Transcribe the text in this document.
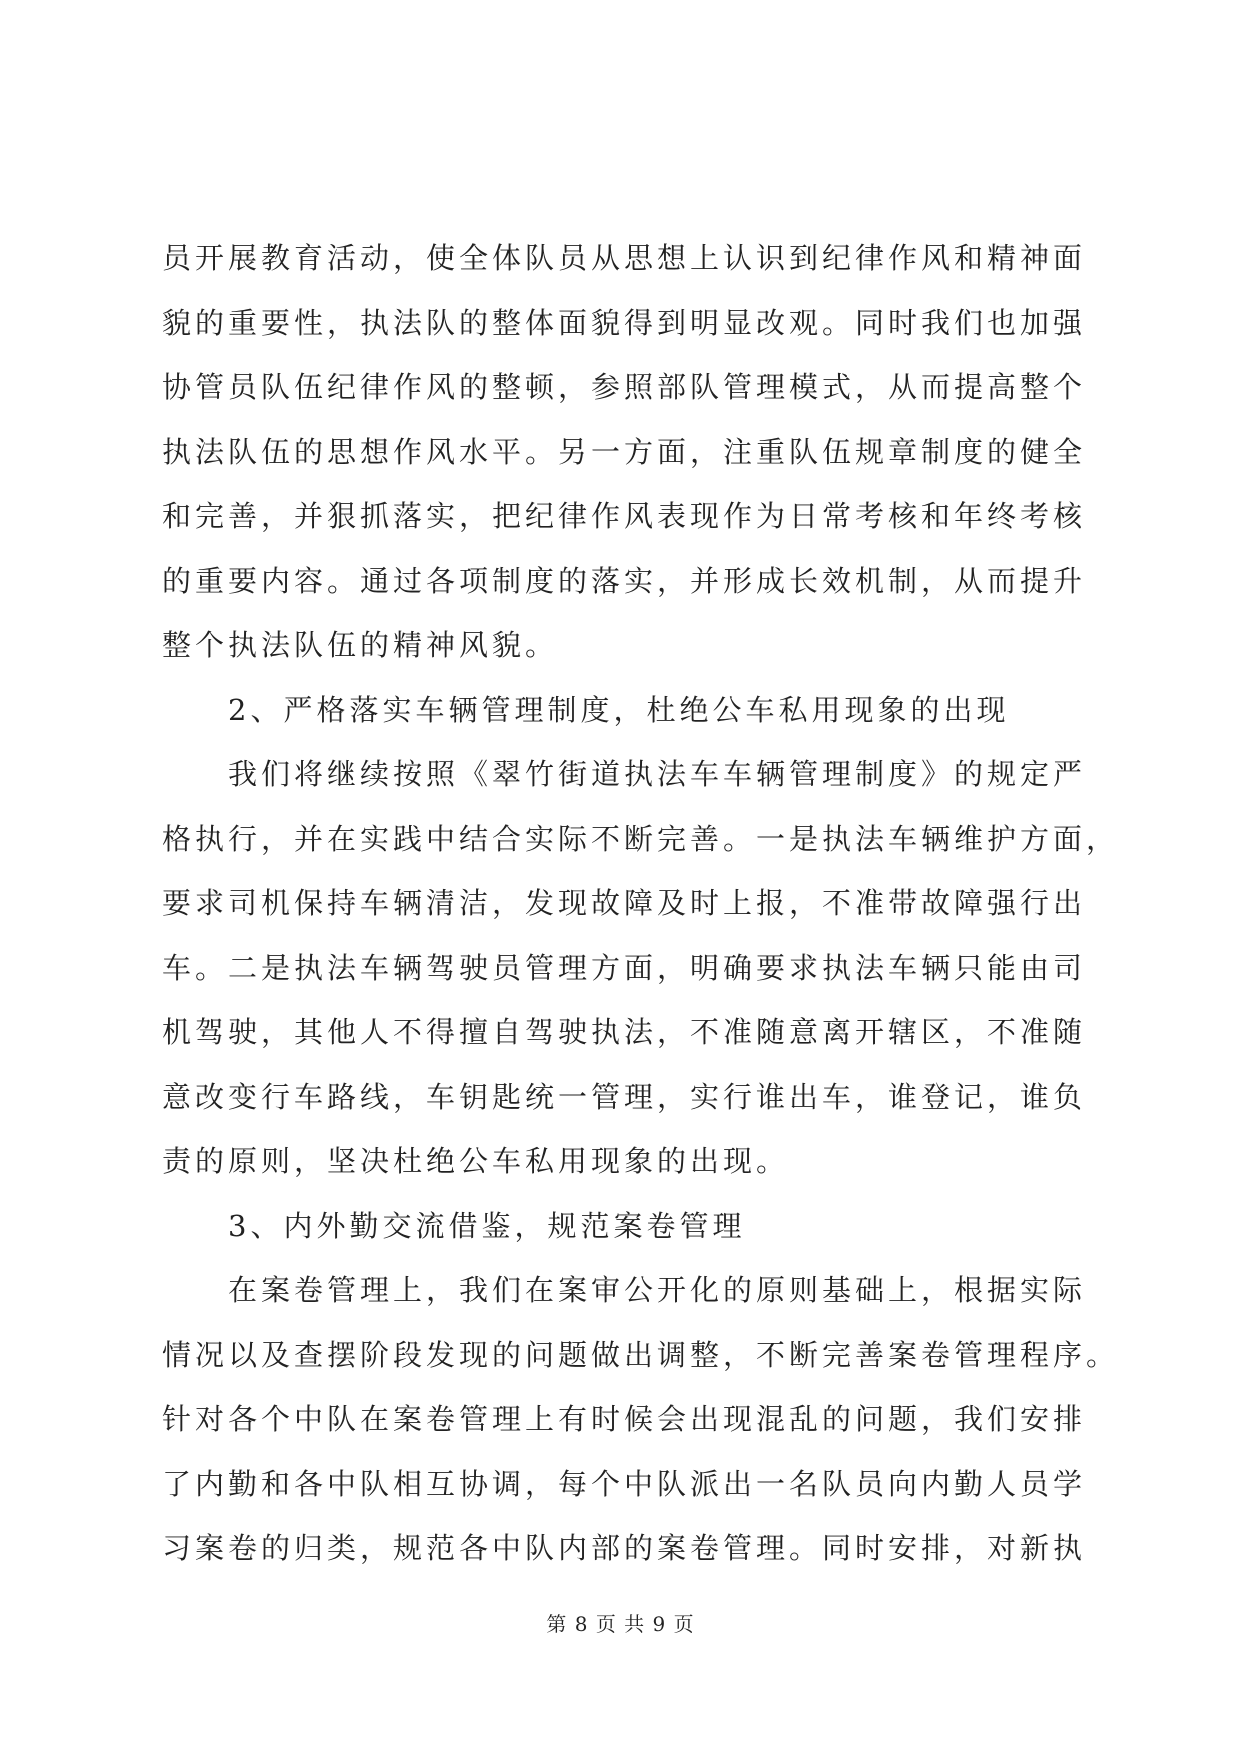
员开展教育活动，使全体队员从思想上认识到纪律作风和精神面
貌的重要性，执法队的整体面貌得到明显改观。同时我们也加强
协管员队伍纪律作风的整顿，参照部队管理模式，从而提高整个
执法队伍的思想作风水平。另一方面，注重队伍规章制度的健全
和完善，并狠抓落实，把纪律作风表现作为日常考核和年终考核
的重要内容。通过各项制度的落实，并形成长效机制，从而提升
整个执法队伍的精神风貌。
2、严格落实车辆管理制度，杜绝公车私用现象的出现
我们将继续按照《翠竹街道执法车车辆管理制度》的规定严
格执行，并在实践中结合实际不断完善。一是执法车辆维护方面，
要求司机保持车辆清洁，发现故障及时上报，不准带故障强行出
车。二是执法车辆驾驶员管理方面，明确要求执法车辆只能由司
机驾驶，其他人不得擅自驾驶执法，不准随意离开辖区，不准随
意改变行车路线，车钥匙统一管理，实行谁出车，谁登记，谁负
责的原则，坚决杜绝公车私用现象的出现。
3、内外勤交流借鉴，规范案卷管理
在案卷管理上，我们在案审公开化的原则基础上，根据实际
情况以及查摆阶段发现的问题做出调整，不断完善案卷管理程序。
针对各个中队在案卷管理上有时候会出现混乱的问题，我们安排
了内勤和各中队相互协调，每个中队派出一名队员向内勤人员学
习案卷的归类，规范各中队内部的案卷管理。同时安排，对新执
第 8 页 共 9 页
